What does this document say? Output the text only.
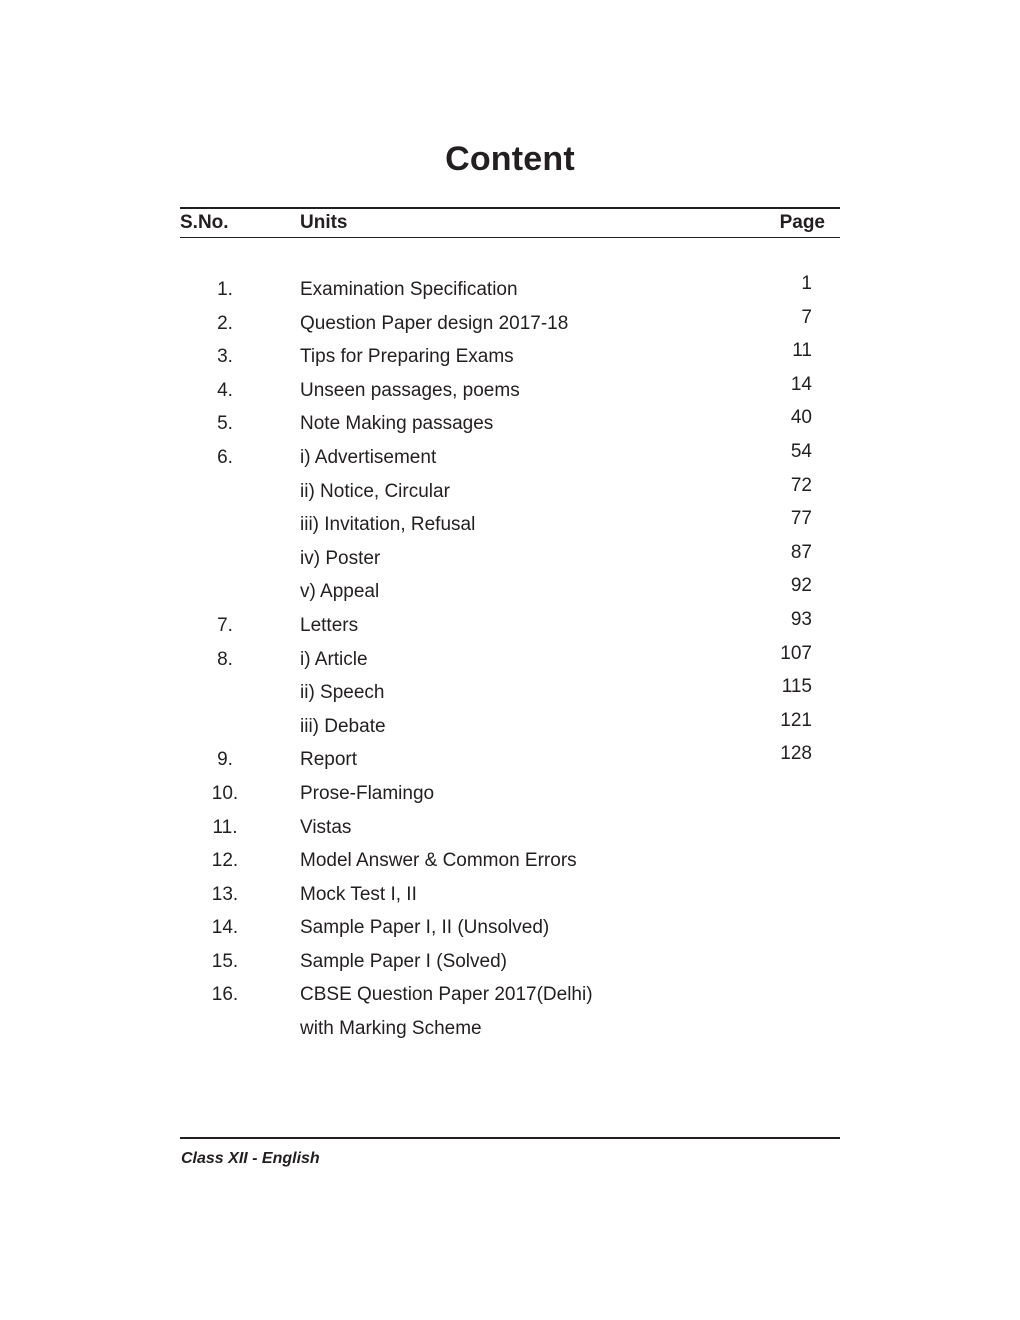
Content
S.No.	Units	Page
1.	Examination Specification	1
2.	Question Paper design 2017-18	7
3.	Tips for Preparing Exams	11
4.	Unseen passages, poems	14
5.	Note Making passages	40
6.	i) Advertisement	54
ii) Notice, Circular	72
iii) Invitation, Refusal	77
iv) Poster	87
v) Appeal	92
7.	Letters	93
8.	i) Article	107
ii) Speech	115
iii) Debate	121
9.	Report	128
10.	Prose-Flamingo
11.	Vistas
12.	Model Answer & Common Errors
13.	Mock Test I, II
14.	Sample Paper I, II (Unsolved)
15.	Sample Paper I (Solved)
16.	CBSE Question Paper 2017(Delhi)
with Marking Scheme
Class XII - English
